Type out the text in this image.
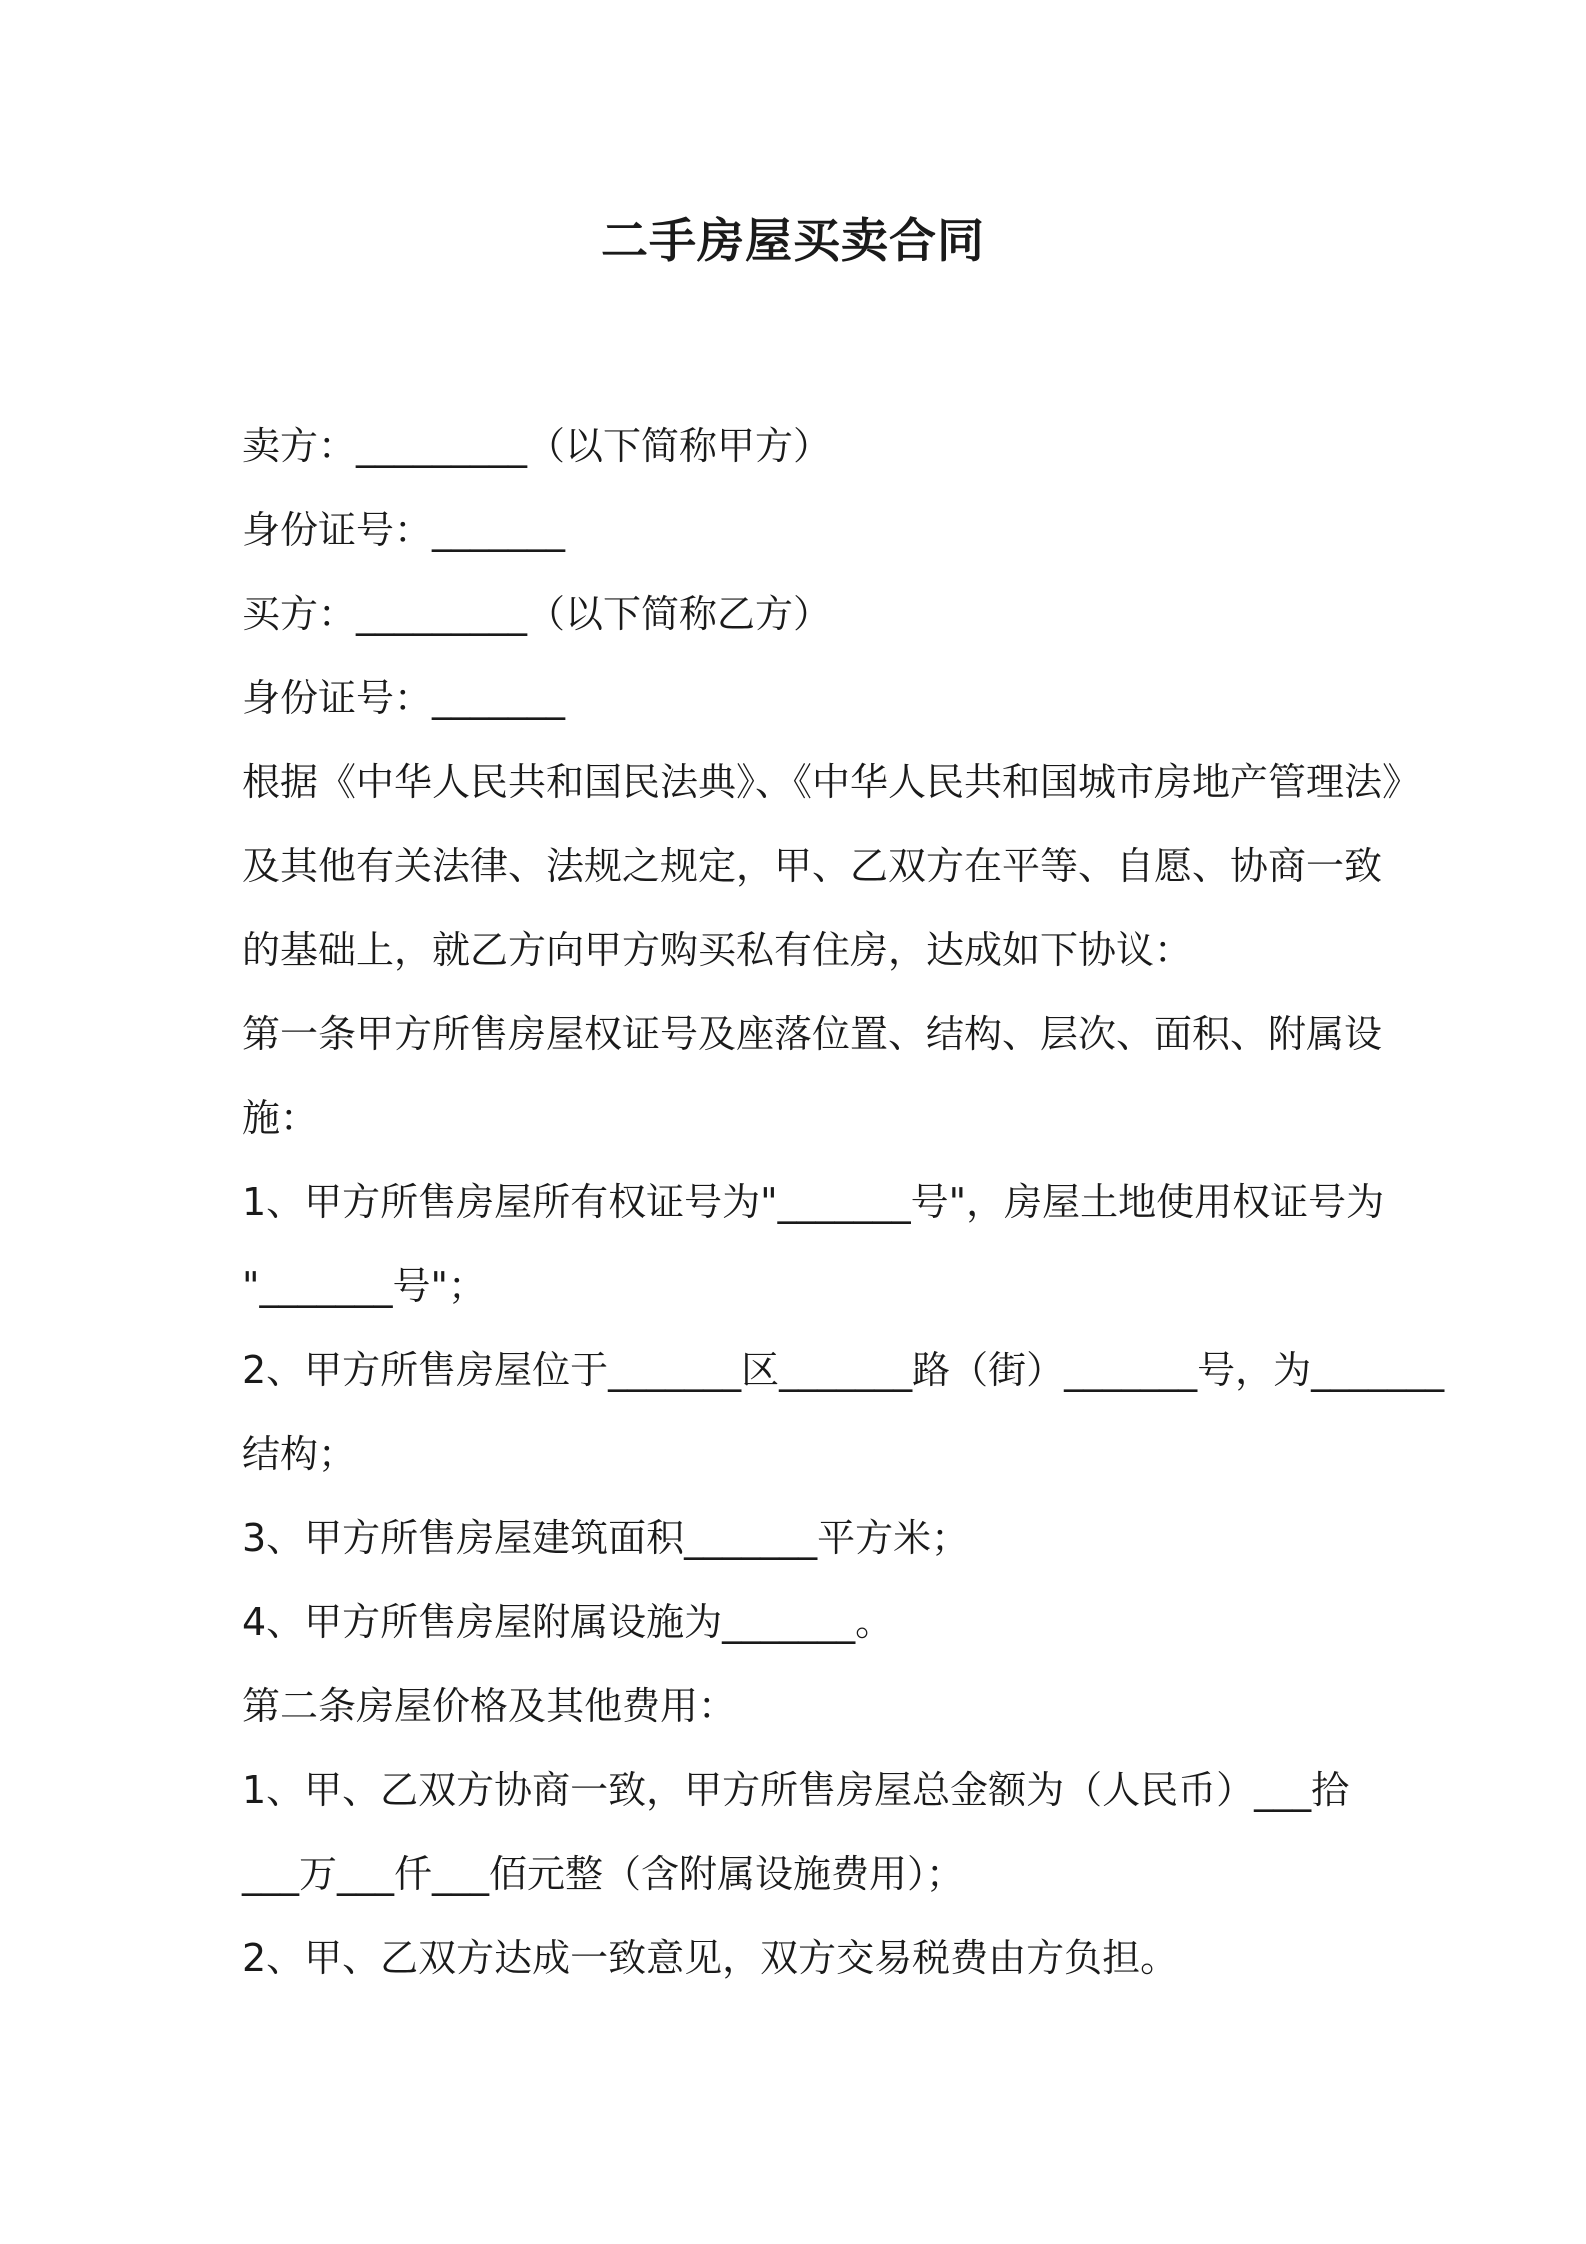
二手房屋买卖合同
卖方：_________（以下简称甲方）
身份证号：_______
买方：_________（以下简称乙方）
身份证号：_______
根据《中华人民共和国民法典》、《中华人民共和国城市房地产管理法》
及其他有关法律、法规之规定，甲、乙双方在平等、自愿、协商一致
的基础上，就乙方向甲方购买私有住房，达成如下协议：
第一条甲方所售房屋权证号及座落位置、结构、层次、面积、附属设
施：
1、甲方所售房屋所有权证号为"_______号"，房屋土地使用权证号为
"_______号"；
2、甲方所售房屋位于_______区_______路（街）_______号，为_______
结构；
3、甲方所售房屋建筑面积_______平方米；
4、甲方所售房屋附属设施为_______。
第二条房屋价格及其他费用：
1、甲、乙双方协商一致，甲方所售房屋总金额为（人民币）___拾
___万___仟___佰元整（含附属设施费用）；
2、甲、乙双方达成一致意见，双方交易税费由方负担。
